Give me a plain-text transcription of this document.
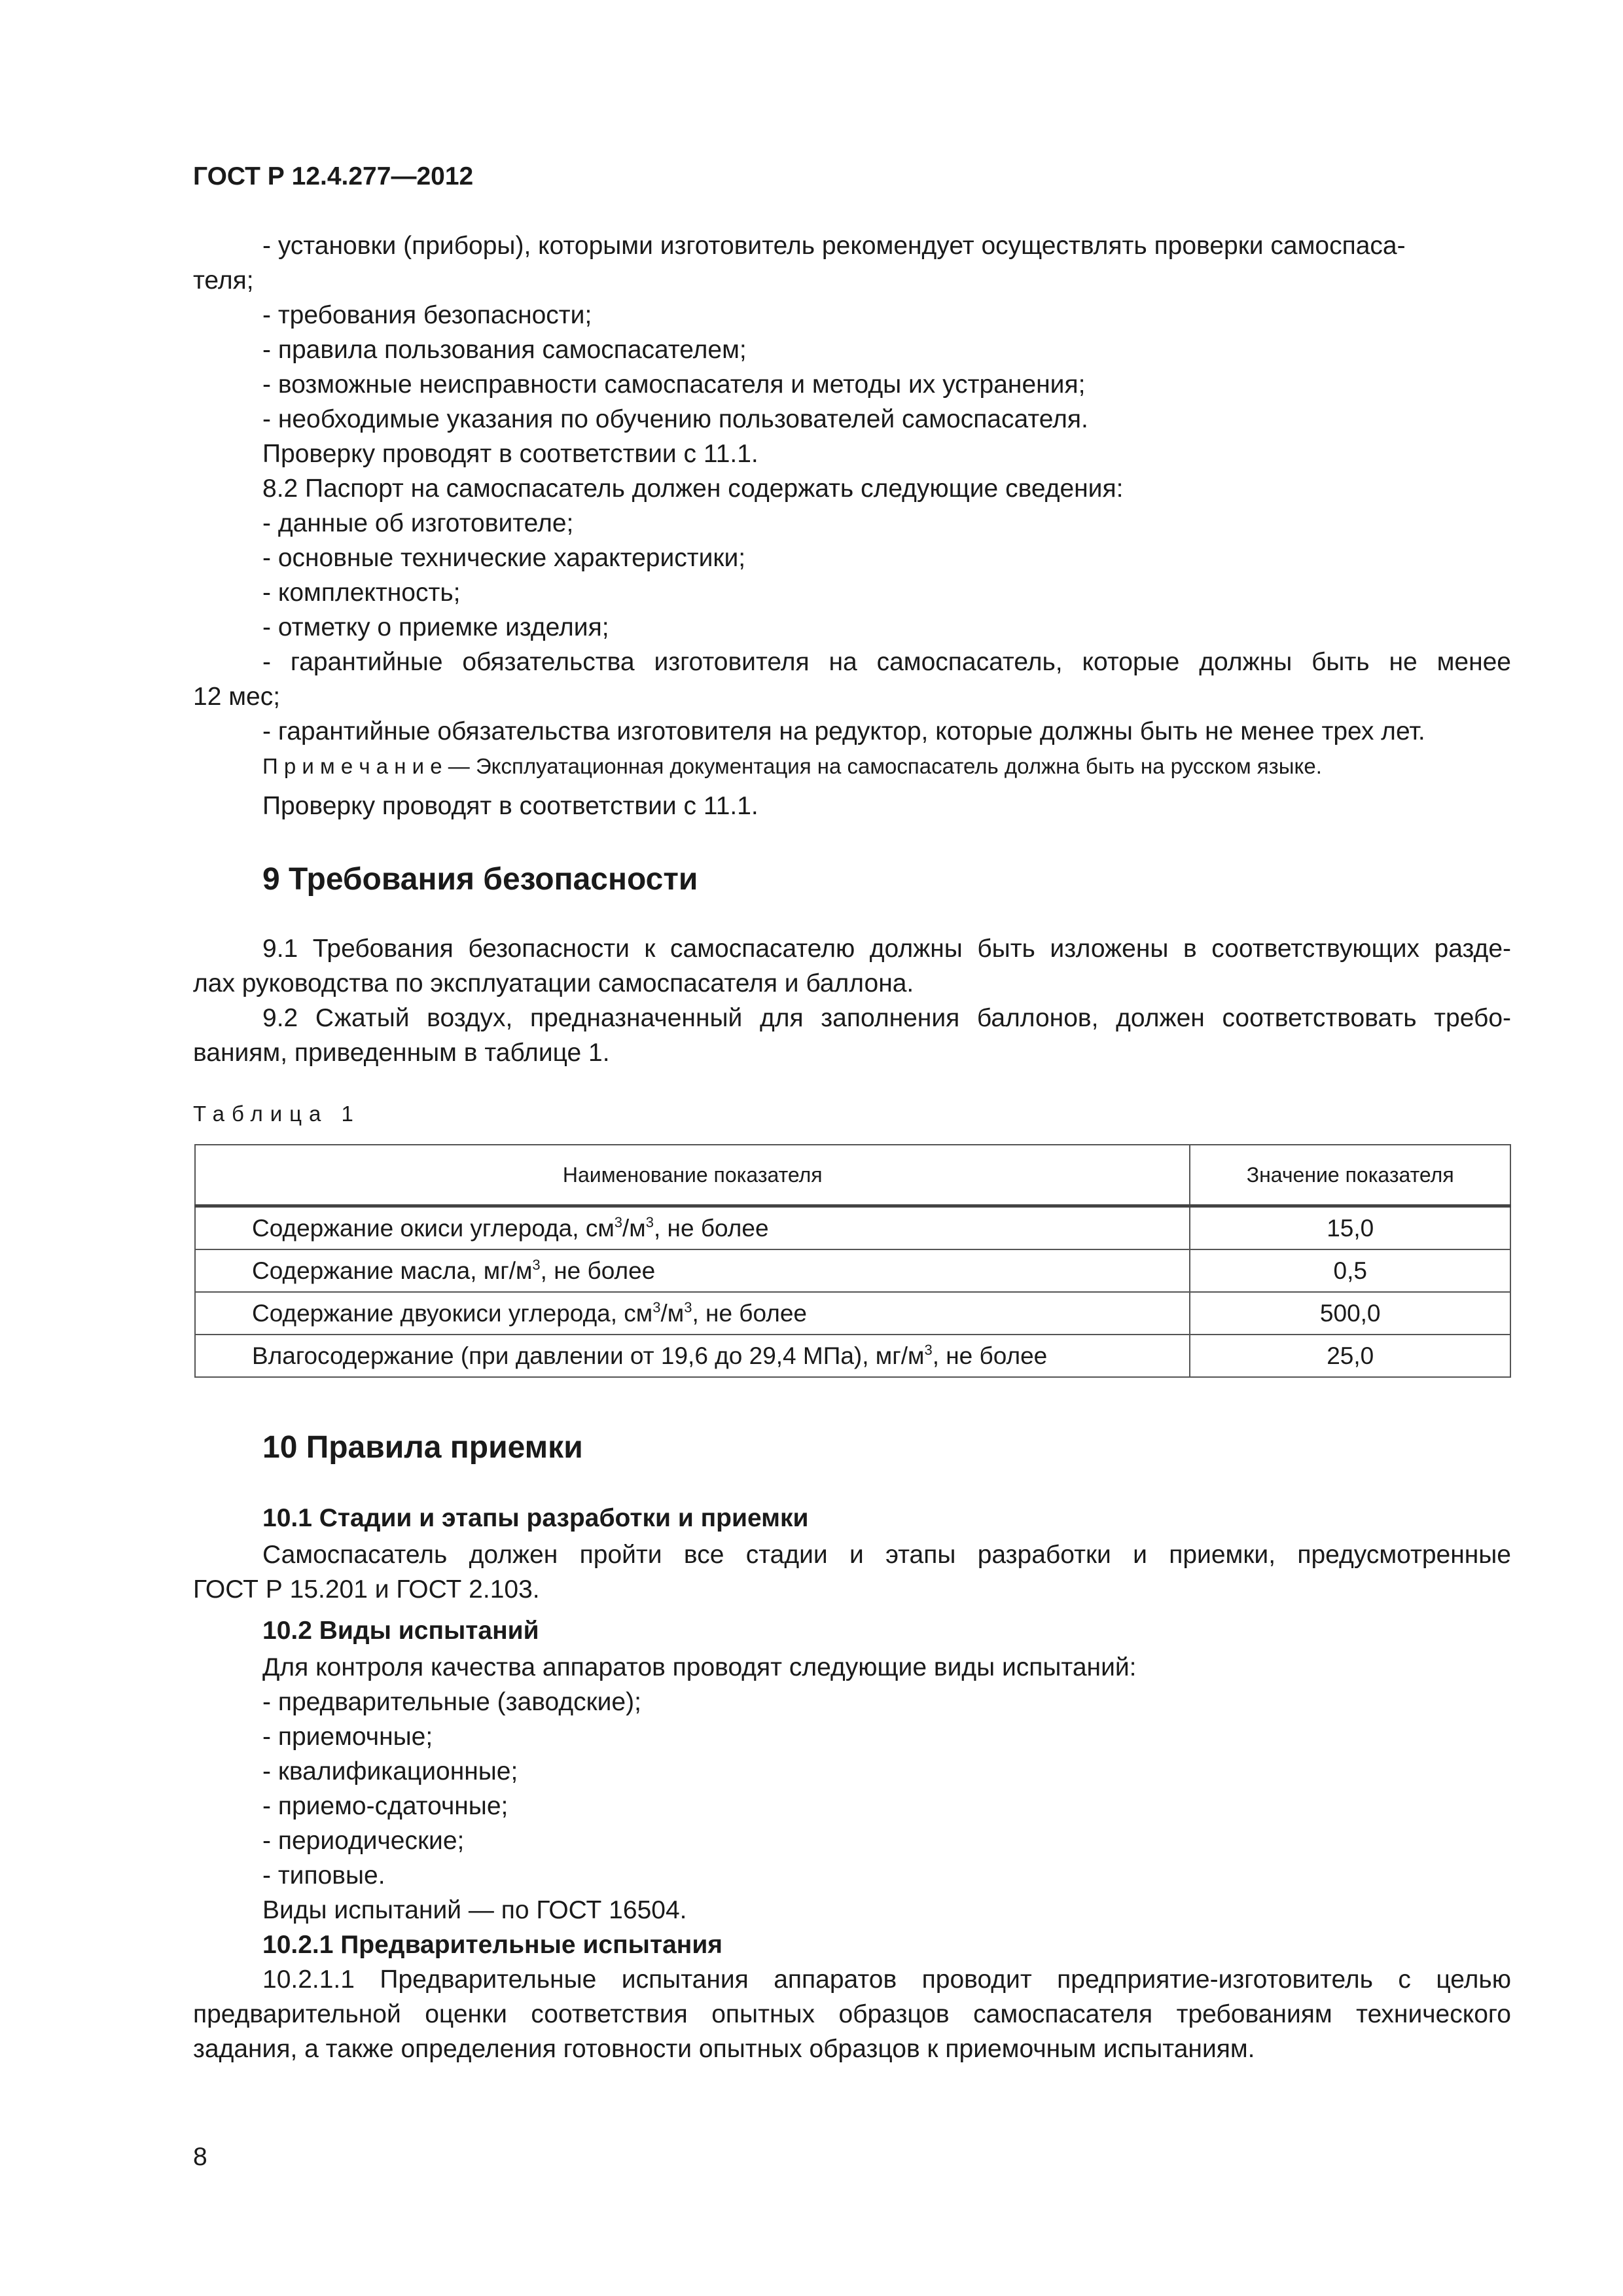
ГОСТ Р 12.4.277—2012
- установки (приборы), которыми изготовитель рекомендует осуществлять проверки самоспаса-
теля;
- требования безопасности;
- правила пользования самоспасателем;
- возможные неисправности самоспасателя и методы их устранения;
- необходимые указания по обучению пользователей самоспасателя.
Проверку проводят в соответствии с 11.1.
8.2 Паспорт на самоспасатель должен содержать следующие сведения:
- данные об изготовителе;
- основные технические характеристики;
- комплектность;
- отметку о приемке изделия;
- гарантийные обязательства изготовителя на самоспасатель, которые должны быть не менее
12 мес;
- гарантийные обязательства изготовителя на редуктор, которые должны быть не менее трех лет.
П р и м е ч а н и е — Эксплуатационная документация на самоспасатель должна быть на русском языке.
Проверку проводят в соответствии с 11.1.
9 Требования безопасности
9.1 Требования безопасности к самоспасателю должны быть изложены в соответствующих разде-
лах руководства по эксплуатации самоспасателя и баллона.
9.2 Сжатый воздух, предназначенный для заполнения баллонов, должен соответствовать требо-
ваниям, приведенным в таблице 1.
Таблица 1
Наименование показателя	Значение показателя
Содержание окиси углерода, $см^3/м^3$, не более	15,0
Содержание масла, $мг/м^3$, не более	0,5
Содержание двуокиси углерода, $см^3/м^3$, не более	500,0
Влагосодержание (при давлении от 19,6 до 29,4 МПа), $мг/м^3$, не более	25,0
10 Правила приемки
10.1 Стадии и этапы разработки и приемки
Самоспасатель должен пройти все стадии и этапы разработки и приемки, предусмотренные
ГОСТ Р 15.201 и ГОСТ 2.103.
10.2 Виды испытаний
Для контроля качества аппаратов проводят следующие виды испытаний:
- предварительные (заводские);
- приемочные;
- квалификационные;
- приемо-сдаточные;
- периодические;
- типовые.
Виды испытаний — по ГОСТ 16504.
10.2.1 Предварительные испытания
10.2.1.1 Предварительные испытания аппаратов проводит предприятие-изготовитель с целью
предварительной оценки соответствия опытных образцов самоспасателя требованиям технического
задания, а также определения готовности опытных образцов к приемочным испытаниям.
8
